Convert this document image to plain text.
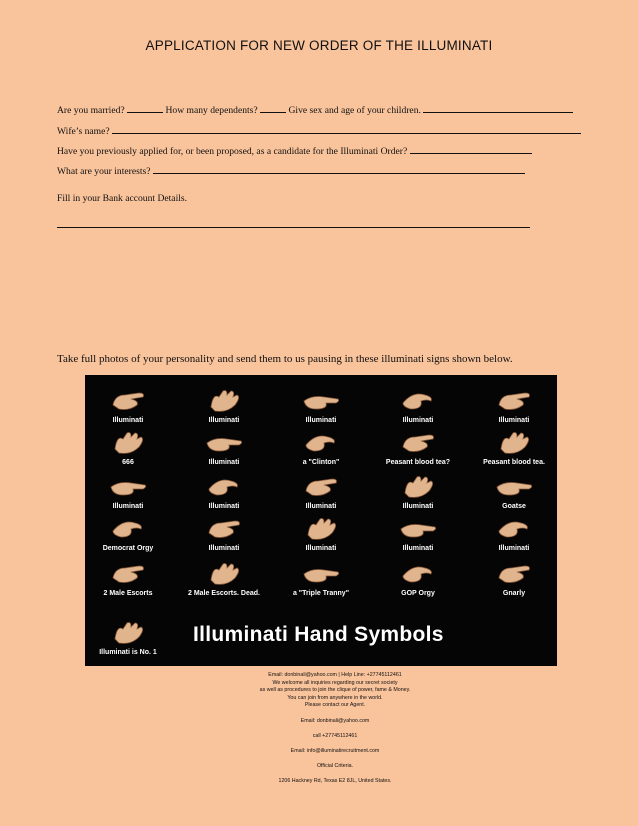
APPLICATION FOR NEW ORDER OF THE ILLUMINATI
Are you married?	How many dependents?	Give sex and age of your children.
Wife’s name?
Have you previously applied for, or been proposed, as a candidate for the Illuminati Order?
What are your interests?
Fill in your Bank account Details.
Take full photos of your personality and send them to us pausing in these illuminati signs shown below.
Illuminati	Illuminati	Illuminati	Illuminati	Illuminati
666	Illuminati	a "Clinton"	Peasant blood tea?	Peasant blood tea.
Illuminati	Illuminati	Illuminati	Illuminati	Goatse
Democrat Orgy	Illuminati	Illuminati	Illuminati	Illuminati
2 Male Escorts	2 Male Escorts. Dead.	a "Triple Tranny"	GOP Orgy	Gnarly
Illuminati is No. 1
Illuminati Hand Symbols
Email: donbinali@yahoo.com | Help Line: +27745112461
We welcome all inquiries regarding our secret society
as well as procedures to join the clique of power, fame & Money.
You can join from anywhere in the world.
Please contact our Agent.

Email: donbinali@yahoo.com

call +27745112461

Email: info@illuminatirecruitment.com

Official Criteria.

1206 Hackney Rd, Texas E2 8JL, United States.
